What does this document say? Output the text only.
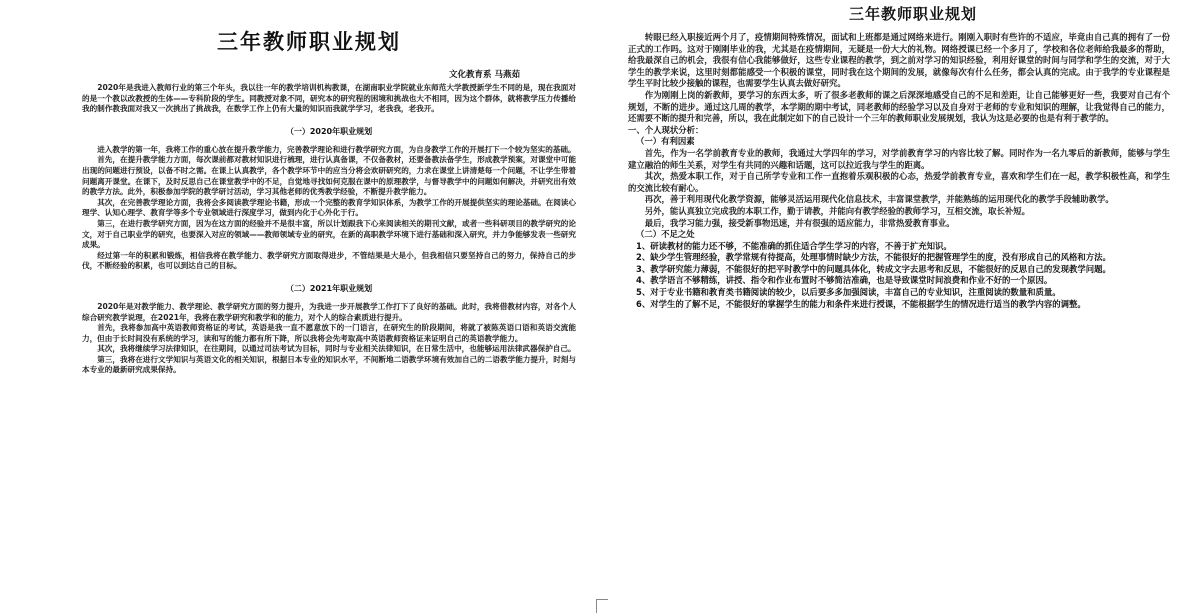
三年教师职业规划
文化教育系 马燕茹

2020年是我进入教师行业的第三个年头，我以往一年的教学培训机构教课，在湖南职业学院就业东师范大学教授新学生不同的是，现在我面对的是一个教以改教授的生体——专科阶段的学生。同教授对象不同，研究本的研究程的困境和挑战也大不相同，因为这个群体，就将教学压力传播给我的制作教我面对我又一次挑出了挑战我，在数学工作上仍有大量的知识而我就学学习，老我我，老我开。

（一）2020年职业规划

进入教学的第一年，我将工作的重心放在提升教学能力，完善教学理论和进行教学研究方面，为自身教学工作的开展打下一个较为坚实的基础。

首先，在提升教学能力方面，每次课前都对教材知识进行梳理，进行认真备课，不仅备教材，还要备教法备学生，形成教学预案，对课堂中可能出现的问题进行预设，以备不时之需。在课上认真教学，各个教学环节中的应当分将会欢研研究的，力求在课堂上讲清楚每一个问题，不让学生带着问题离开课堂。在课下，及时反思自己在课堂教学中的不足，自觉地寻找如何克服在课中的原理教学，与督导教学中的问题如何解决，并研究出有效的教学方法。此外，积极参加学院的教学研讨活动，学习其他老师的优秀教学经验，不断提升教学能力。

其次，在完善教学理论方面，我将会多阅读教学理论书籍，形成一个完整的教育学知识体系，为教学工作的开展提供坚实的理论基础。在阅读心理学、认知心理学、教育学等多个专业领域进行深度学习，做到内化于心外化于行。

第三，在进行教学研究方面，因为在这方面的经验并不是很丰富，所以计划跟我下心来阅读相关的期刊文献，或者一些科研项目的教学研究的论文，对于自己职业学的研究，也要深入对应的领域——教师领域专业的研究，在新的高职教学环境下进行基础和深入研究，并力争能够发表一些研究成果。

经过第一年的积累和锻炼，相信我将在教学能力、教学研究方面取得进步，不管结果是大是小，但我相信只要坚持自己的努力，保持自己的步伐，不断经验的积累，也可以到达自己的目标。

（二）2021年职业规划

2020年是对教学能力、教学理论、教学研究方面的努力提升，为我进一步开展教学工作打下了良好的基础。此时，我将借教材内容，对各个人综合研究教学说理，在2021年，我将在教学研究和教学和的能力，对个人的综合素质进行提升。

首先，我将参加高中英语教师资格证的考试，英语是我一直不愿意放下的一门语言，在研究生的阶段期间，将就了被陈英语口语和英语交流能力，但由于长时间没有系统的学习，读和写的能力都有所下降，所以我将会先考取高中英语教师资格证来证明自己的英语教学能力。

其次，我将继续学习法律知识，在往期间，以通过司法考试为目标，同时与专业相关法律知识，在日常生活中，也能够运用法律武器保护自己。

第三，我将在进行文学知识与英语文化的相关知识，根据日本专业的知识水平，不间断地二语教学环境有效加自己的二语教学能力提升，时刻与本专业的最新研究成果保持。

三年教师职业规划

转眼已经入职接近两个月了，疫情期间特殊情况，面试和上班都是通过网络来进行。刚刚入职时有些许的不适应，毕竟由自己真的拥有了一份正式的工作吗。这对于刚刚毕业的我，尤其是在疫情期间，无疑是一份大大的礼物。网络授课已经一个多月了，学校和各位老师给我最多的帮助，给我最深自己的机会，我很有信心我能够做好，这些专业课程的教学，到之前对学习的知识经验，利用好课堂的时间与同学和学生的交流，对于大学生的教学来说，这里时刻都能感受一个积极的课堂，同时我在这个期间的发展，就像每次有什么任务，都会认真的完成。由于我学的专业课程是学生平时比较少接触的课程，也需要学生认真去做好研究。

作为刚刚上岗的新教师，要学习的东西太多，听了很多老教师的课之后深深地感受自己的不足和差距，让自己能够更好一些，我要对自己有个规划，不断的进步。通过这几周的教学，本学期的期中考试，同老教师的经验学习以及自身对于老师的专业和知识的理解，让我觉得自己的能力，还需要不断的提升和完善，所以，我在此制定如下的自己设计一个三年的教师职业发展规划，我认为这是必要的也是有利于教学的。

一、个人现状分析：

（一）有利因素

首先，作为一名学前教育专业的教师，我通过大学四年的学习，对学前教育学习的内容比较了解。同时作为一名九零后的新教师，能够与学生建立融洽的师生关系，对学生有共同的兴趣和话题，这可以拉近我与学生的距离。

其次，热爱本职工作，对于自己所学专业和工作一直抱着乐观积极的心态，热爱学前教育专业，喜欢和学生们在一起，教学积极性高，和学生的交流比较有耐心。

再次，善于利用现代化教学资源，能够灵活运用现代化信息技术，丰富课堂教学，并能熟练的运用现代化的教学手段辅助教学。

另外，能认真独立完成我的本职工作，勤于请教，并能向有教学经验的教师学习，互相交流，取长补短。

最后，我学习能力强，接受新事物迅速，并有很强的适应能力，非常热爱教育事业。

（二）不足之处

1、研读教材的能力还不够，不能准确的抓住适合学生学习的内容，不善于扩充知识。

2、缺少学生管理经验，教学常规有待提高，处理事情时缺少方法，不能很好的把握管理学生的度，没有形成自己的风格和方法。

3、教学研究能力薄弱，不能很好的把平时教学中的问题具体化，转成文字去思考和反思，不能很好的反思自己的发现教学问题。

4、教学语言不够精练，讲授、指令和作业布置时不够简洁准确，也是导致课堂时间浪费和作业不好的一个原因。

5、对于专业书籍和教育类书籍阅读的较少，以后要多多加强阅读，丰富自己的专业知识，注重阅读的数量和质量。

6、对学生的了解不足，不能很好的掌握学生的能力和条件来进行授课，不能根据学生的情况进行适当的教学内容的调整。
